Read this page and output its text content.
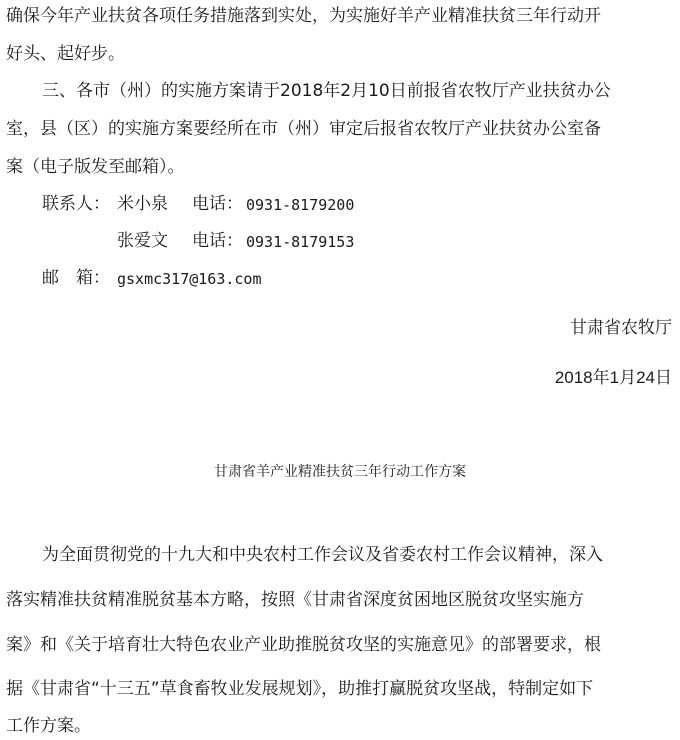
确保今年产业扶贫各项任务措施落到实处，为实施好羊产业精准扶贫三年行动开
好头、起好步。
三、各市（州）的实施方案请于2018年2月10日前报省农牧厅产业扶贫办公
室，县（区）的实施方案要经所在市（州）审定后报省农牧厅产业扶贫办公室备
案（电子版发至邮箱）。
联系人： 米小泉 电话： 0931-8179200
张爱文 电话： 0931-8179153
邮　箱： gsxmc317@163.com
甘肃省农牧厅
2018年1月24日
甘肃省羊产业精准扶贫三年行动工作方案
为全面贯彻党的十九大和中央农村工作会议及省委农村工作会议精神，深入
落实精准扶贫精准脱贫基本方略，按照《甘肃省深度贫困地区脱贫攻坚实施方
案》和《关于培育壮大特色农业产业助推脱贫攻坚的实施意见》的部署要求，根
据《甘肃省“十三五”草食畜牧业发展规划》，助推打赢脱贫攻坚战，特制定如下
工作方案。
